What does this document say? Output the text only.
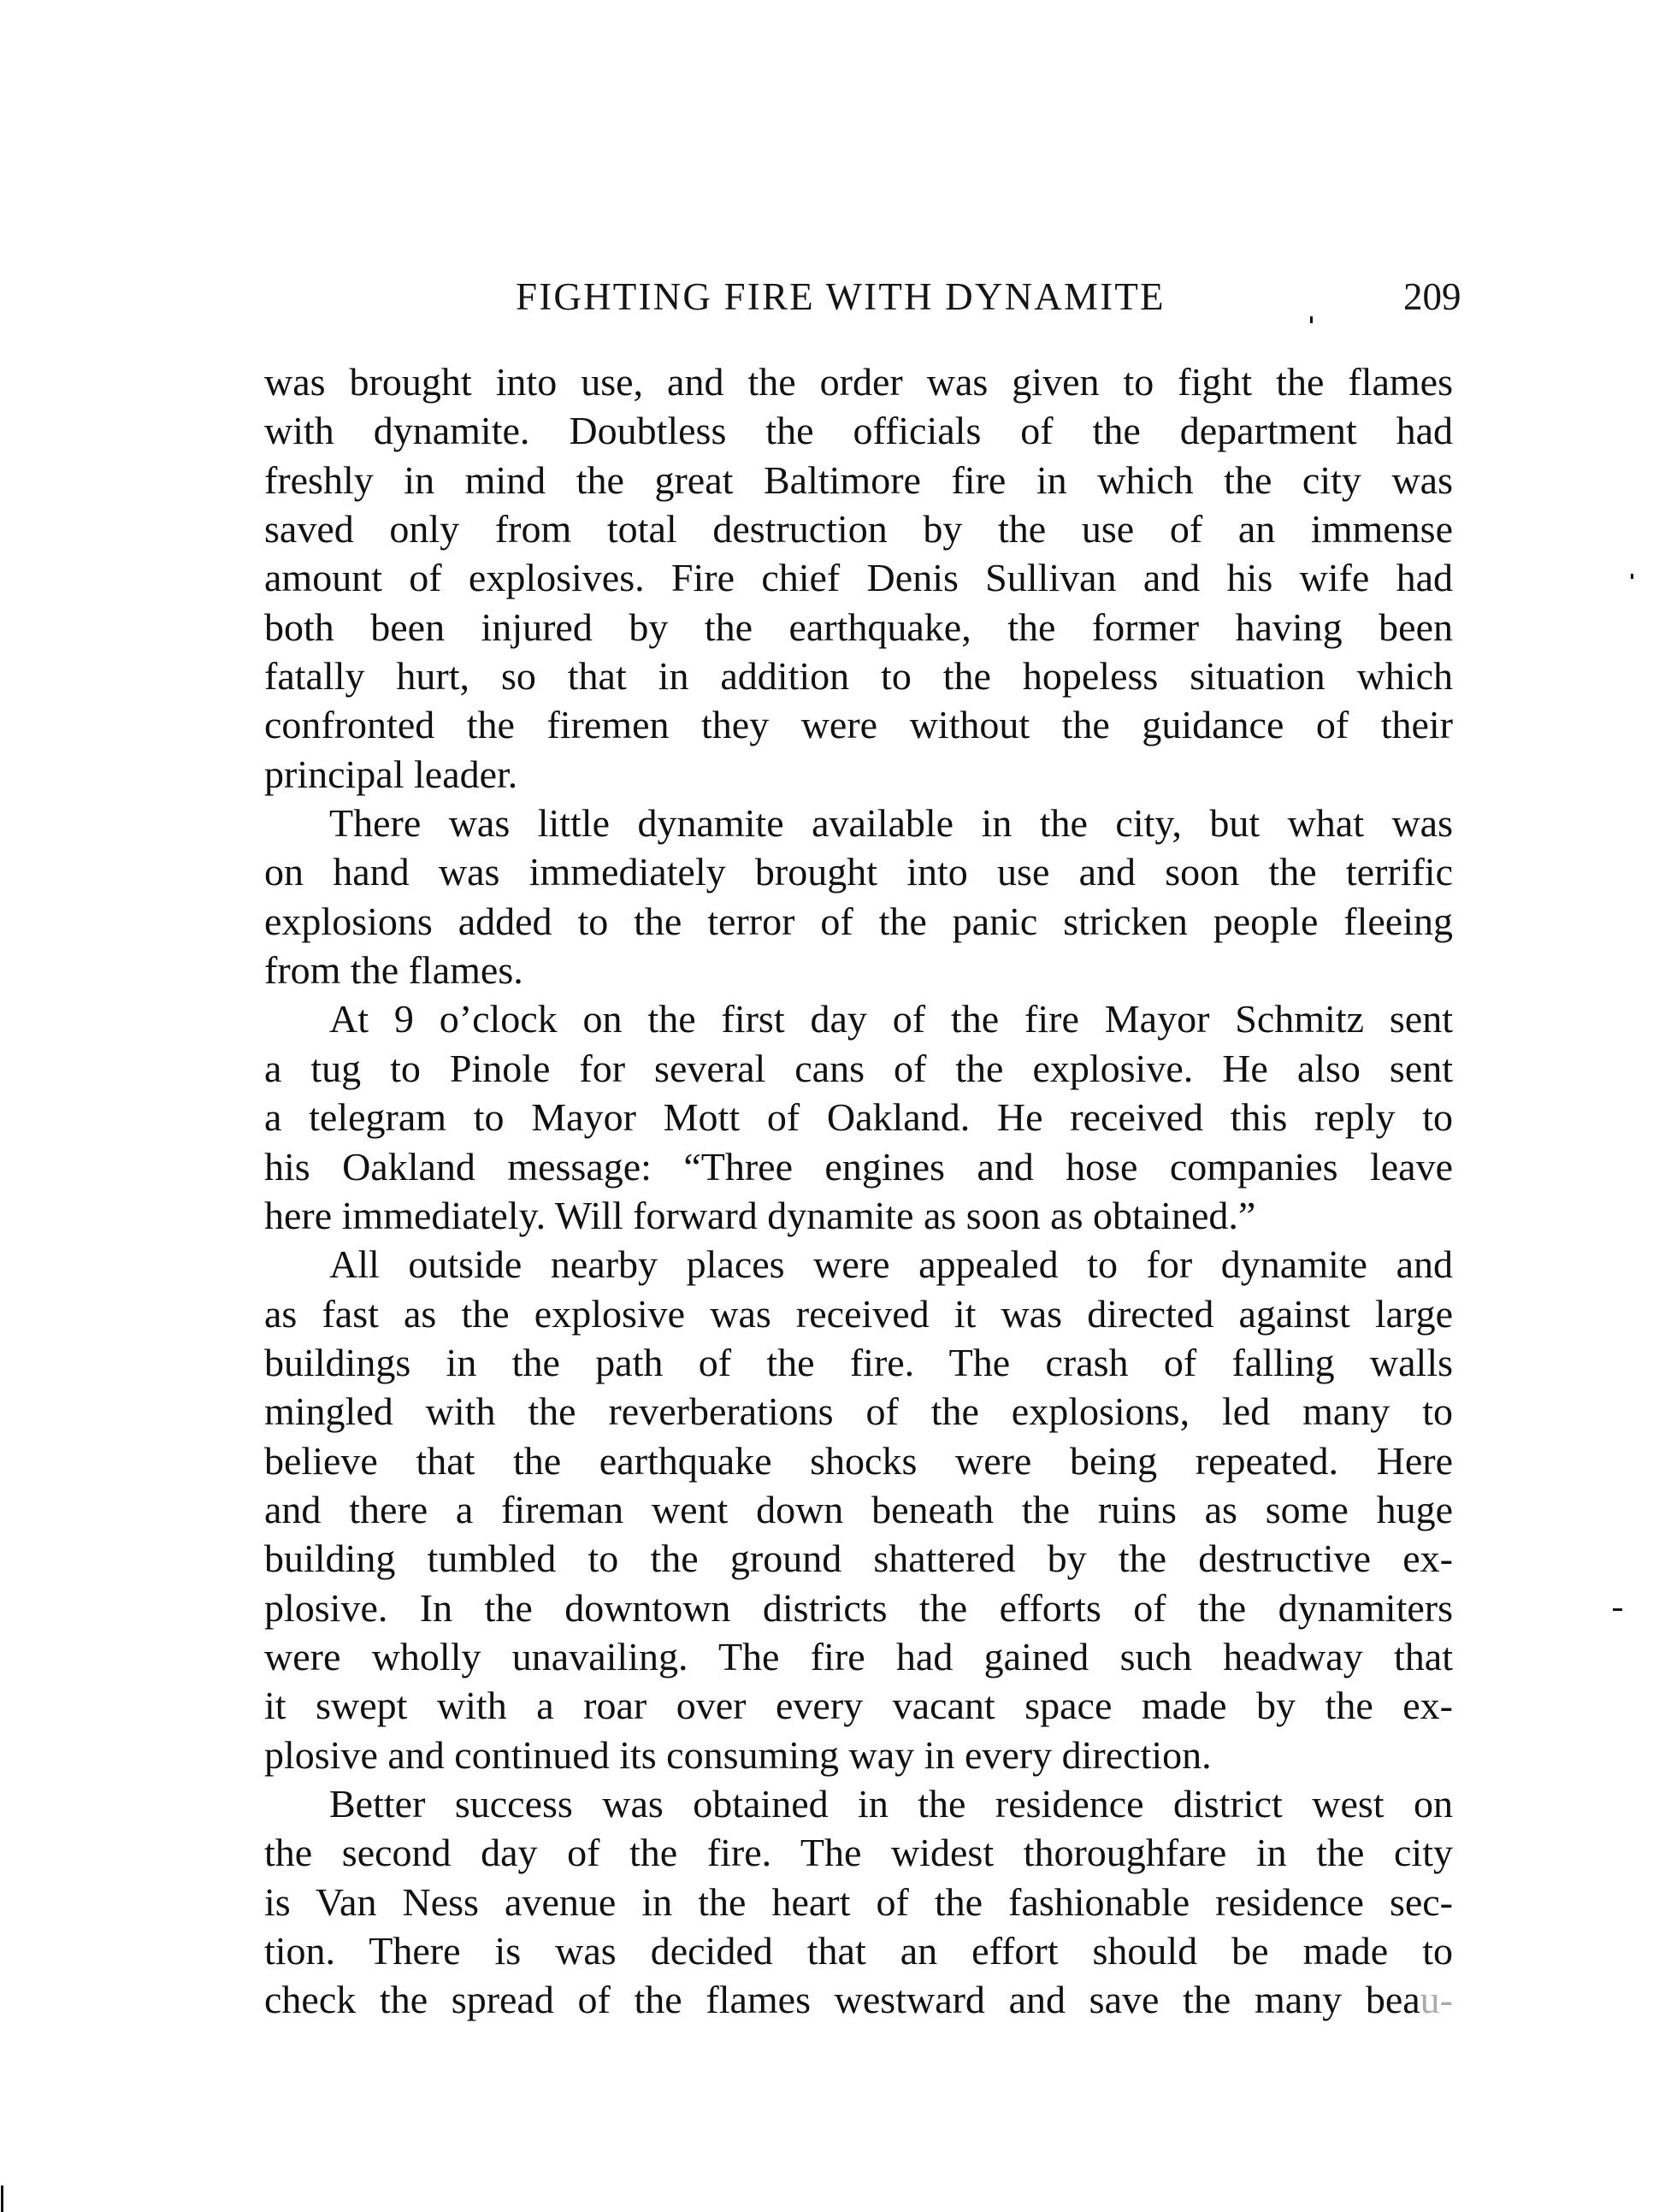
FIGHTING FIRE WITH DYNAMITE	209
was brought into use, and the order was given to fight the flames
with dynamite. Doubtless the officials of the department had
freshly in mind the great Baltimore fire in which the city was
saved only from total destruction by the use of an immense
amount of explosives. Fire chief Denis Sullivan and his wife had
both been injured by the earthquake, the former having been
fatally hurt, so that in addition to the hopeless situation which
confronted the firemen they were without the guidance of their
principal leader.
There was little dynamite available in the city, but what was
on hand was immediately brought into use and soon the terrific
explosions added to the terror of the panic stricken people fleeing
from the flames.
At 9 o’clock on the first day of the fire Mayor Schmitz sent
a tug to Pinole for several cans of the explosive. He also sent
a telegram to Mayor Mott of Oakland. He received this reply to
his Oakland message: “Three engines and hose companies leave
here immediately. Will forward dynamite as soon as obtained.”
All outside nearby places were appealed to for dynamite and
as fast as the explosive was received it was directed against large
buildings in the path of the fire. The crash of falling walls
mingled with the reverberations of the explosions, led many to
believe that the earthquake shocks were being repeated. Here
and there a fireman went down beneath the ruins as some huge
building tumbled to the ground shattered by the destructive ex-
plosive. In the downtown districts the efforts of the dynamiters
were wholly unavailing. The fire had gained such headway that
it swept with a roar over every vacant space made by the ex-
plosive and continued its consuming way in every direction.
Better success was obtained in the residence district west on
the second day of the fire. The widest thoroughfare in the city
is Van Ness avenue in the heart of the fashionable residence sec-
tion. There is was decided that an effort should be made to
check the spread of the flames westward and save the many beau-
